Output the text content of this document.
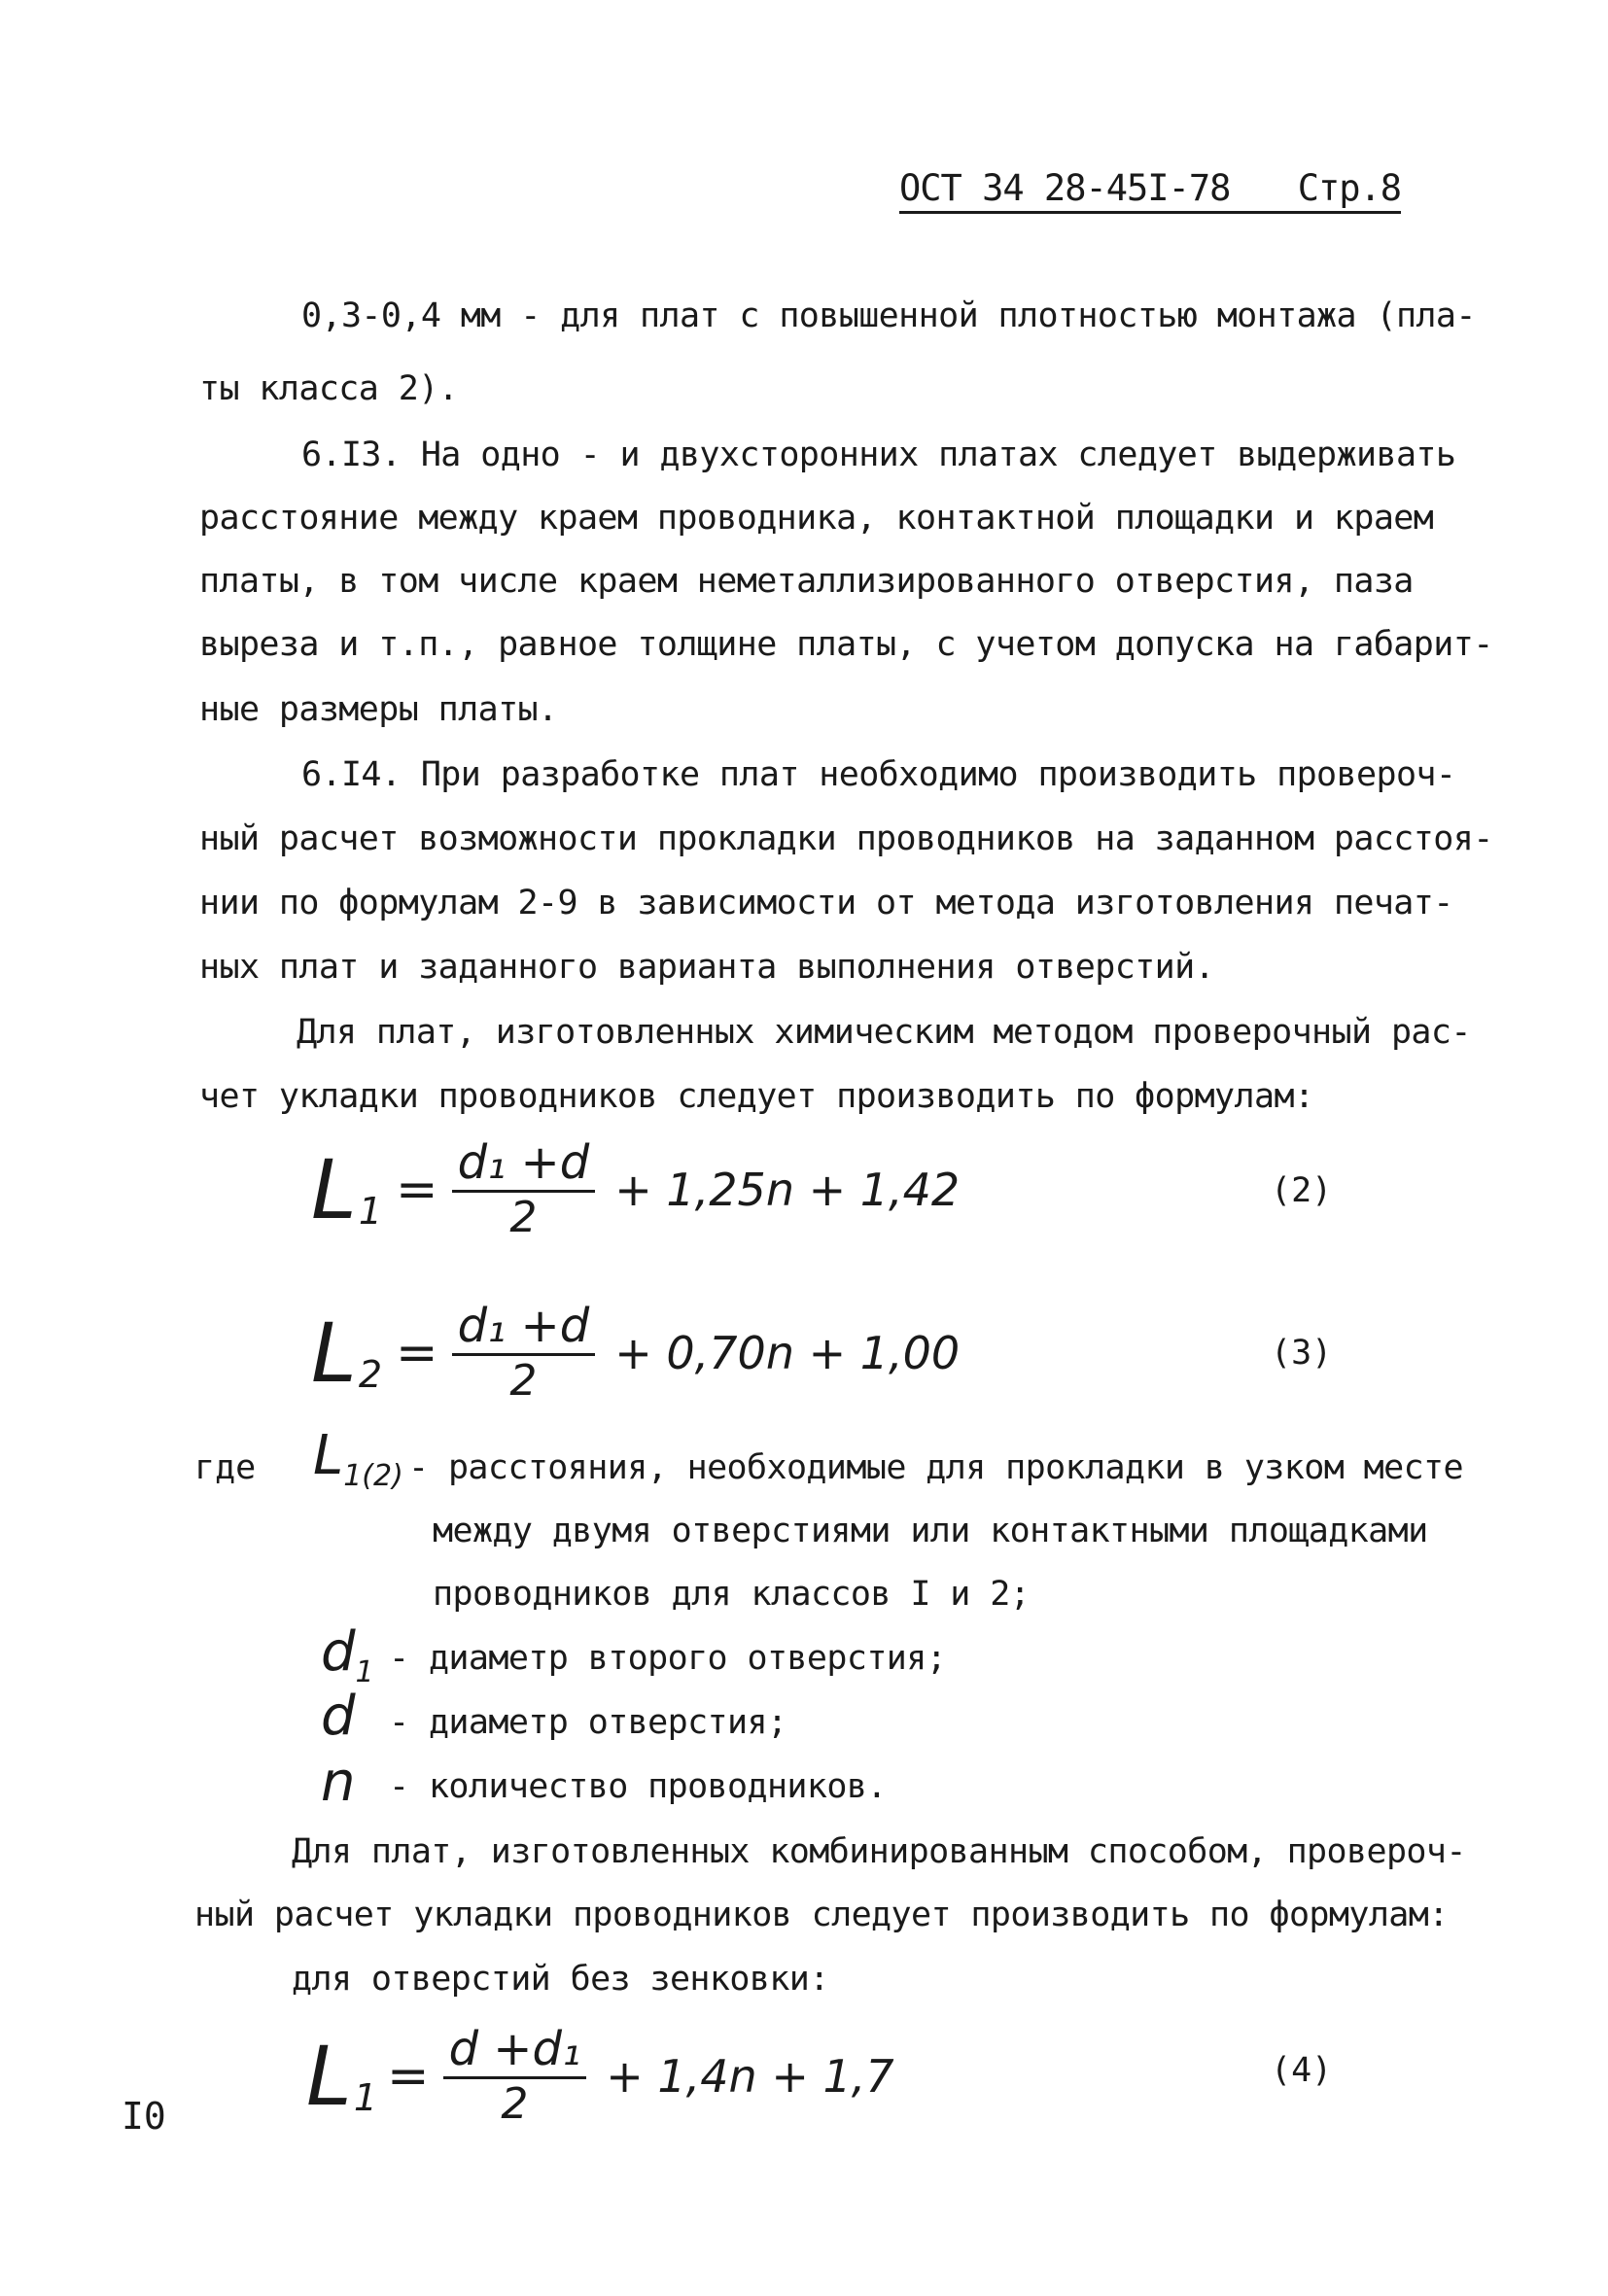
ОСТ 34 28-45I-78 Стр.8
0,3-0,4 мм - для плат с повышенной плотностью монтажа (пла-
ты класса 2).
6.I3. На одно - и двухсторонних платах следует выдерживать
расстояние между краем проводника, контактной площадки и краем
платы, в том числе краем неметаллизированного отверстия, паза
выреза и т.п., равное толщине платы, с учетом допуска на габарит-
ные размеры платы.
6.I4. При разработке плат необходимо производить провероч-
ный расчет возможности прокладки проводников на заданном расстоя-
нии по формулам 2-9 в зависимости от метода изготовления печат-
ных плат и заданного варианта выполнения отверстий.
Для плат, изготовленных химическим методом проверочный рас-
чет укладки проводников следует производить по формулам:
L $1 = \frac{\text{d₁ +d}}{2} + 1,25n + 1,42$	(2)
L $2 = \frac{\text{d₁ +d}}{2} + 0,70n + 1,00$	(3)
где $L_{1(2)}$ - расстояния, необходимые для прокладки в узком месте
между двумя отверстиями или контактными площадками
проводников для классов I и 2;
$d_1$ - диаметр второго отверстия;
d - диаметр отверстия;
n - количество проводников.
Для плат, изготовленных комбинированным способом, провероч-
ный расчет укладки проводников следует производить по формулам:
для отверстий без зенковки:
L $1 = \frac{\text{d +d₁}}{2} + 1,4n + 1,7$	(4)
I0
